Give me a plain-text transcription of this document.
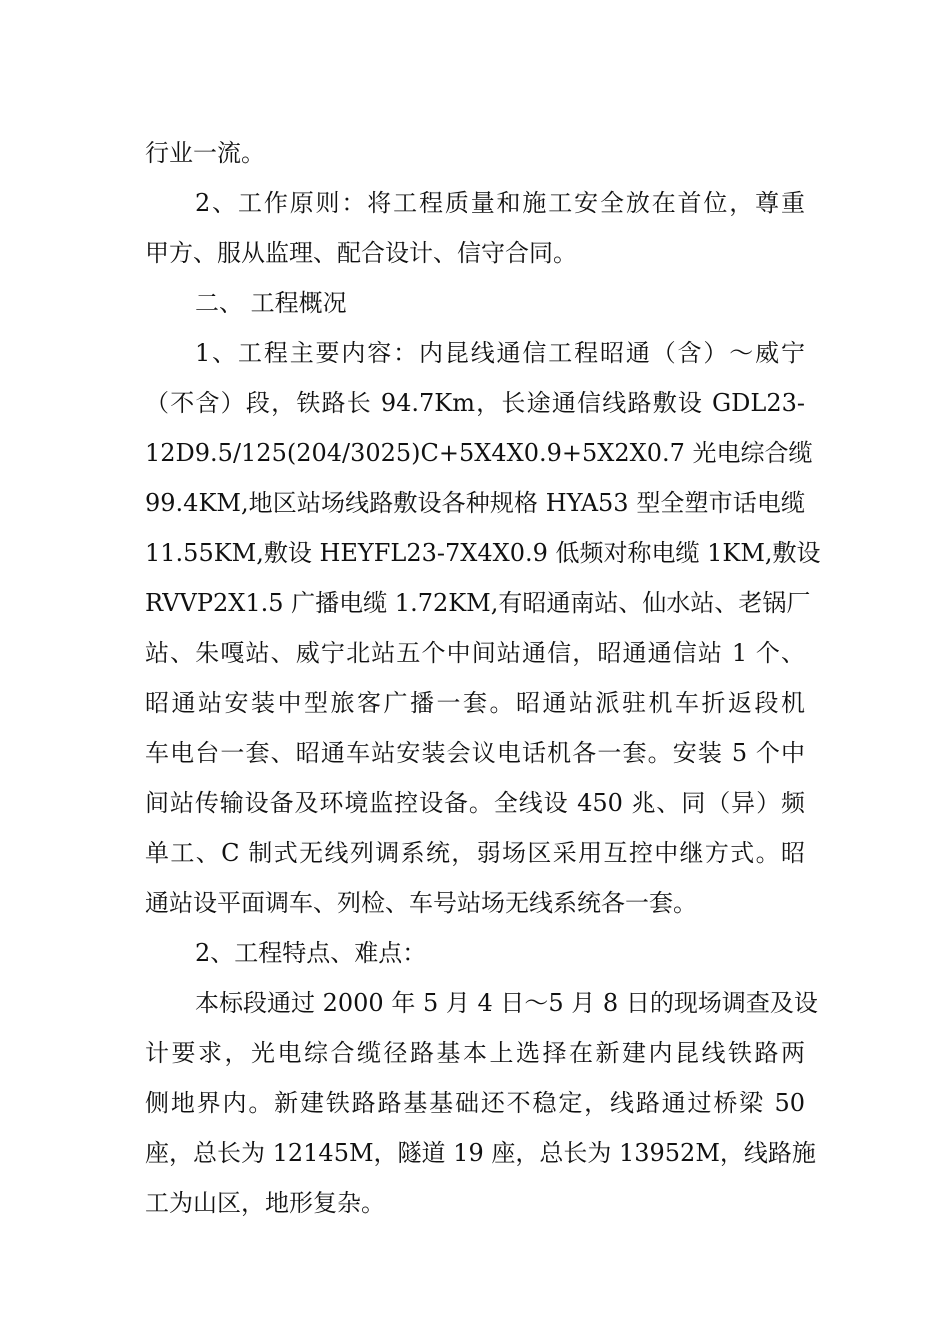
行业一流。
2、工作原则：将工程质量和施工安全放在首位，尊重
甲方、服从监理、配合设计、信守合同。
二、 工程概况
1、工程主要内容：内昆线通信工程昭通（含）～威宁
（不含）段，铁路长 94.7Km，长途通信线路敷设 GDL23-
12D9.5/125(204/3025)C+5X4X0.9+5X2X0.7 光电综合缆
99.4KM,地区站场线路敷设各种规格 HYA53 型全塑市话电缆
11.55KM,敷设 HEYFL23-7X4X0.9 低频对称电缆 1KM,敷设
RVVP2X1.5 广播电缆 1.72KM,有昭通南站、仙水站、老锅厂
站、朱嘎站、威宁北站五个中间站通信，昭通通信站 1 个、
昭通站安装中型旅客广播一套。昭通站派驻机车折返段机
车电台一套、昭通车站安装会议电话机各一套。安装 5 个中
间站传输设备及环境监控设备。全线设 450 兆、同（异）频
单工、C 制式无线列调系统，弱场区采用互控中继方式。昭
通站设平面调车、列检、车号站场无线系统各一套。
2、工程特点、难点：
本标段通过 2000 年 5 月 4 日～5 月 8 日的现场调查及设
计要求，光电综合缆径路基本上选择在新建内昆线铁路两
侧地界内。新建铁路路基基础还不稳定，线路通过桥梁 50
座，总长为 12145M，隧道 19 座，总长为 13952M，线路施
工为山区，地形复杂。
